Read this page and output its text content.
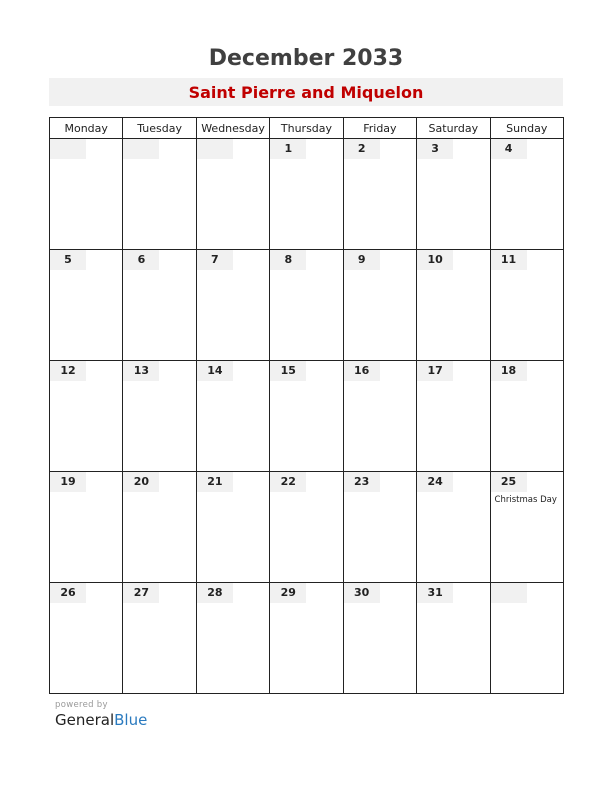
December 2033
Saint Pierre and Miquelon
Monday	Tuesday	Wednesday	Thursday	Friday	Saturday	Sunday

			1	2	3	4

5	6	7	8	9	10	11

12	13	14	15	16	17	18

19	20	21	22	23	24	25
Christmas Day

26	27	28	29	30	31	

powered by
GeneralBlue
